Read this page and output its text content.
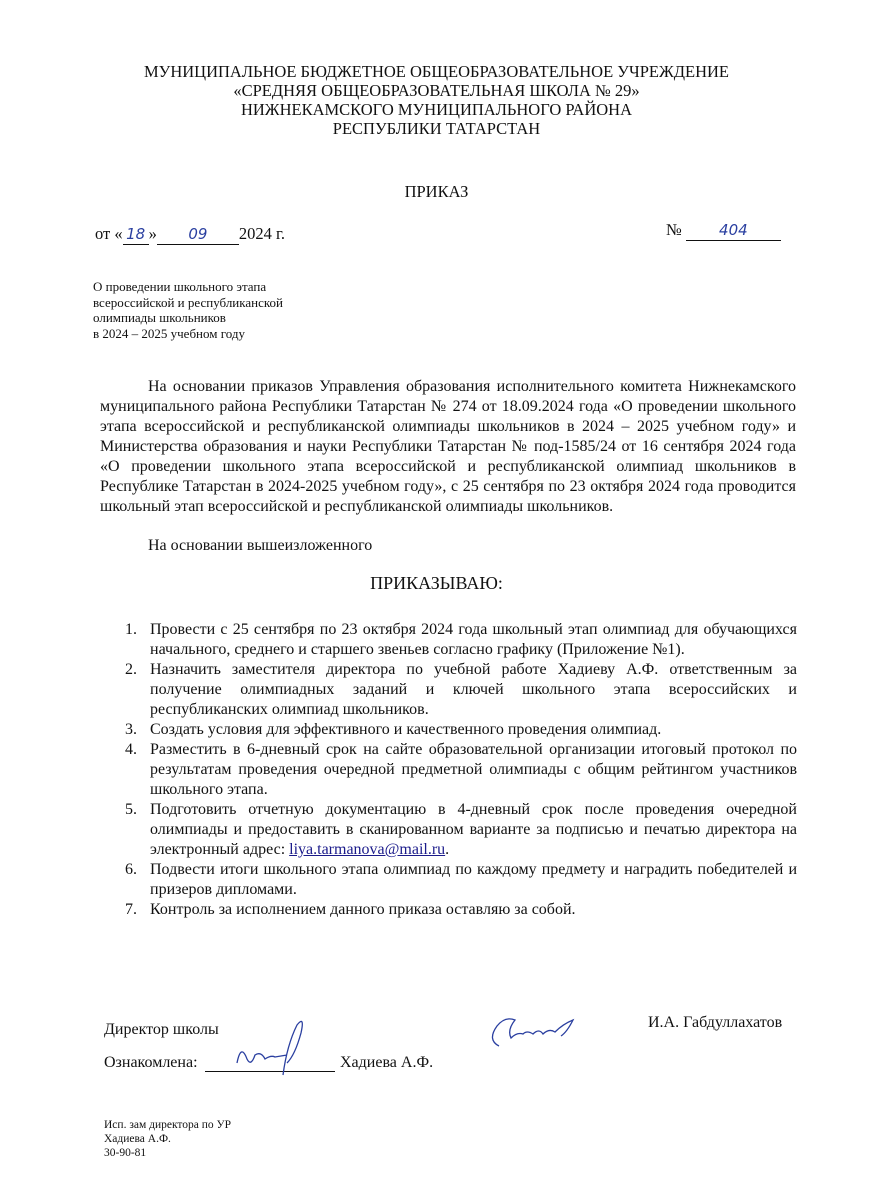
МУНИЦИПАЛЬНОЕ БЮДЖЕТНОЕ ОБЩЕОБРАЗОВАТЕЛЬНОЕ УЧРЕЖДЕНИЕ
«СРЕДНЯЯ ОБЩЕОБРАЗОВАТЕЛЬНАЯ ШКОЛА № 29»
НИЖНЕКАМСКОГО МУНИЦИПАЛЬНОГО РАЙОНА
РЕСПУБЛИКИ ТАТАРСТАН
ПРИКАЗ
от « 18 » 09 2024 г.	№ 404
О проведении школьного этапа
всероссийской и республиканской
олимпиады школьников
в 2024 – 2025 учебном году
На основании приказов Управления образования исполнительного комитета Нижнекамского муниципального района Республики Татарстан № 274 от 18.09.2024 года «О проведении школьного этапа всероссийской и республиканской олимпиады школьников в 2024 – 2025 учебном году» и Министерства образования и науки Республики Татарстан № под-1585/24 от 16 сентября 2024 года «О проведении школьного этапа всероссийской и республиканской олимпиад школьников в Республике Татарстан в 2024-2025 учебном году», с 25 сентября по 23 октября 2024 года проводится школьный этап всероссийской и республиканской олимпиады школьников.
На основании вышеизложенного
ПРИКАЗЫВАЮ:
1. Провести с 25 сентября по 23 октября 2024 года школьный этап олимпиад для обучающихся начального, среднего и старшего звеньев согласно графику (Приложение №1).
2. Назначить заместителя директора по учебной работе Хадиеву А.Ф. ответственным за получение олимпиадных заданий и ключей школьного этапа всероссийских и республиканских олимпиад школьников.
3. Создать условия для эффективного и качественного проведения олимпиад.
4. Разместить в 6-дневный срок на сайте образовательной организации итоговый протокол по результатам проведения очередной предметной олимпиады с общим рейтингом участников школьного этапа.
5. Подготовить отчетную документацию в 4-дневный срок после проведения очередной олимпиады и предоставить в сканированном варианте за подписью и печатью директора на электронный адрес: liya.tarmanova@mail.ru.
6. Подвести итоги школьного этапа олимпиад по каждому предмету и наградить победителей и призеров дипломами.
7. Контроль за исполнением данного приказа оставляю за собой.
Директор школы	И.А. Габдуллахатов
Ознакомлена:	Хадиева А.Ф.
Исп. зам директора по УР
Хадиева А.Ф.
30-90-81
